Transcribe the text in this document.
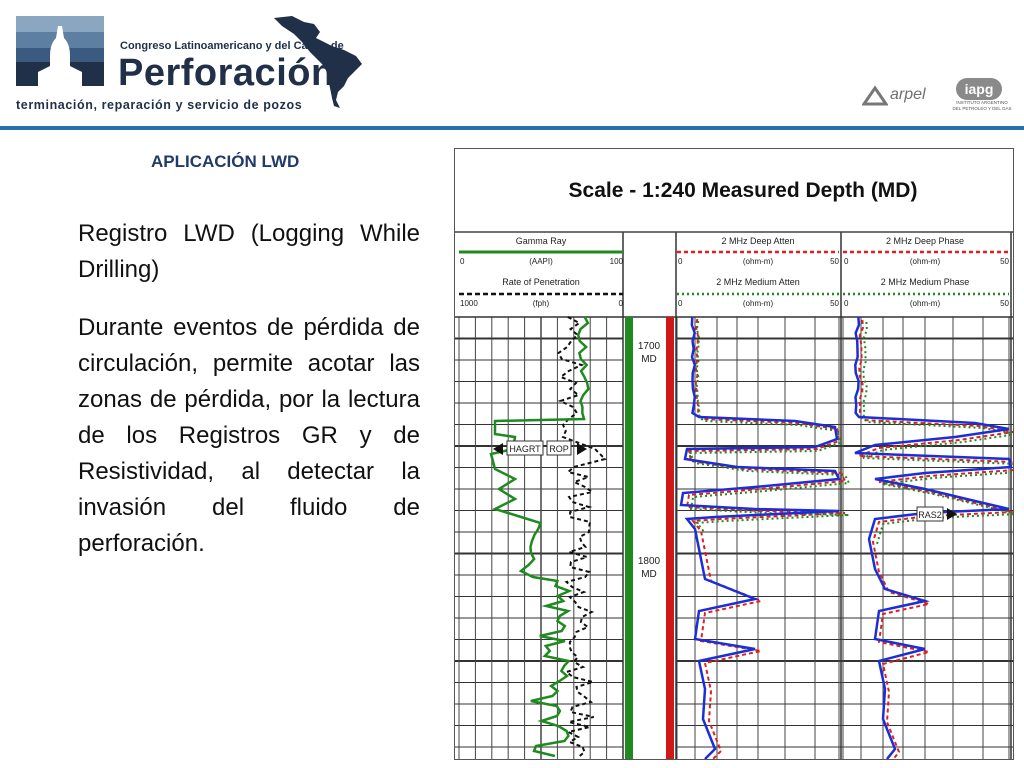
Congreso Latinoamericano y del Caribe de
Perforación
terminación, reparación y servicio de pozos
arpel	iapg
INSTITUTO ARGENTINO
DEL PETROLEO Y DEL GAS
APLICACIÓN LWD
Registro LWD (Logging While Drilling)
Durante eventos de pérdida de circulación, permite acotar las zonas de pérdida, por la lectura de los Registros GR y de Resistividad, al detectar la invasión del fluido de perforación.
Scale - 1:240 Measured Depth (MD)
Gamma Ray
0	(AAPI)	100
Rate of Penetration
1000	(fph)	0
2 MHz Deep Atten
0	(ohm-m)	50
2 MHz Medium Atten
0	(ohm-m)	50
2 MHz Deep Phase
0	(ohm-m)	50
2 MHz Medium Phase
0	(ohm-m)	50
1700
MD
1800
MD
HAGRT ROP
RAS2
